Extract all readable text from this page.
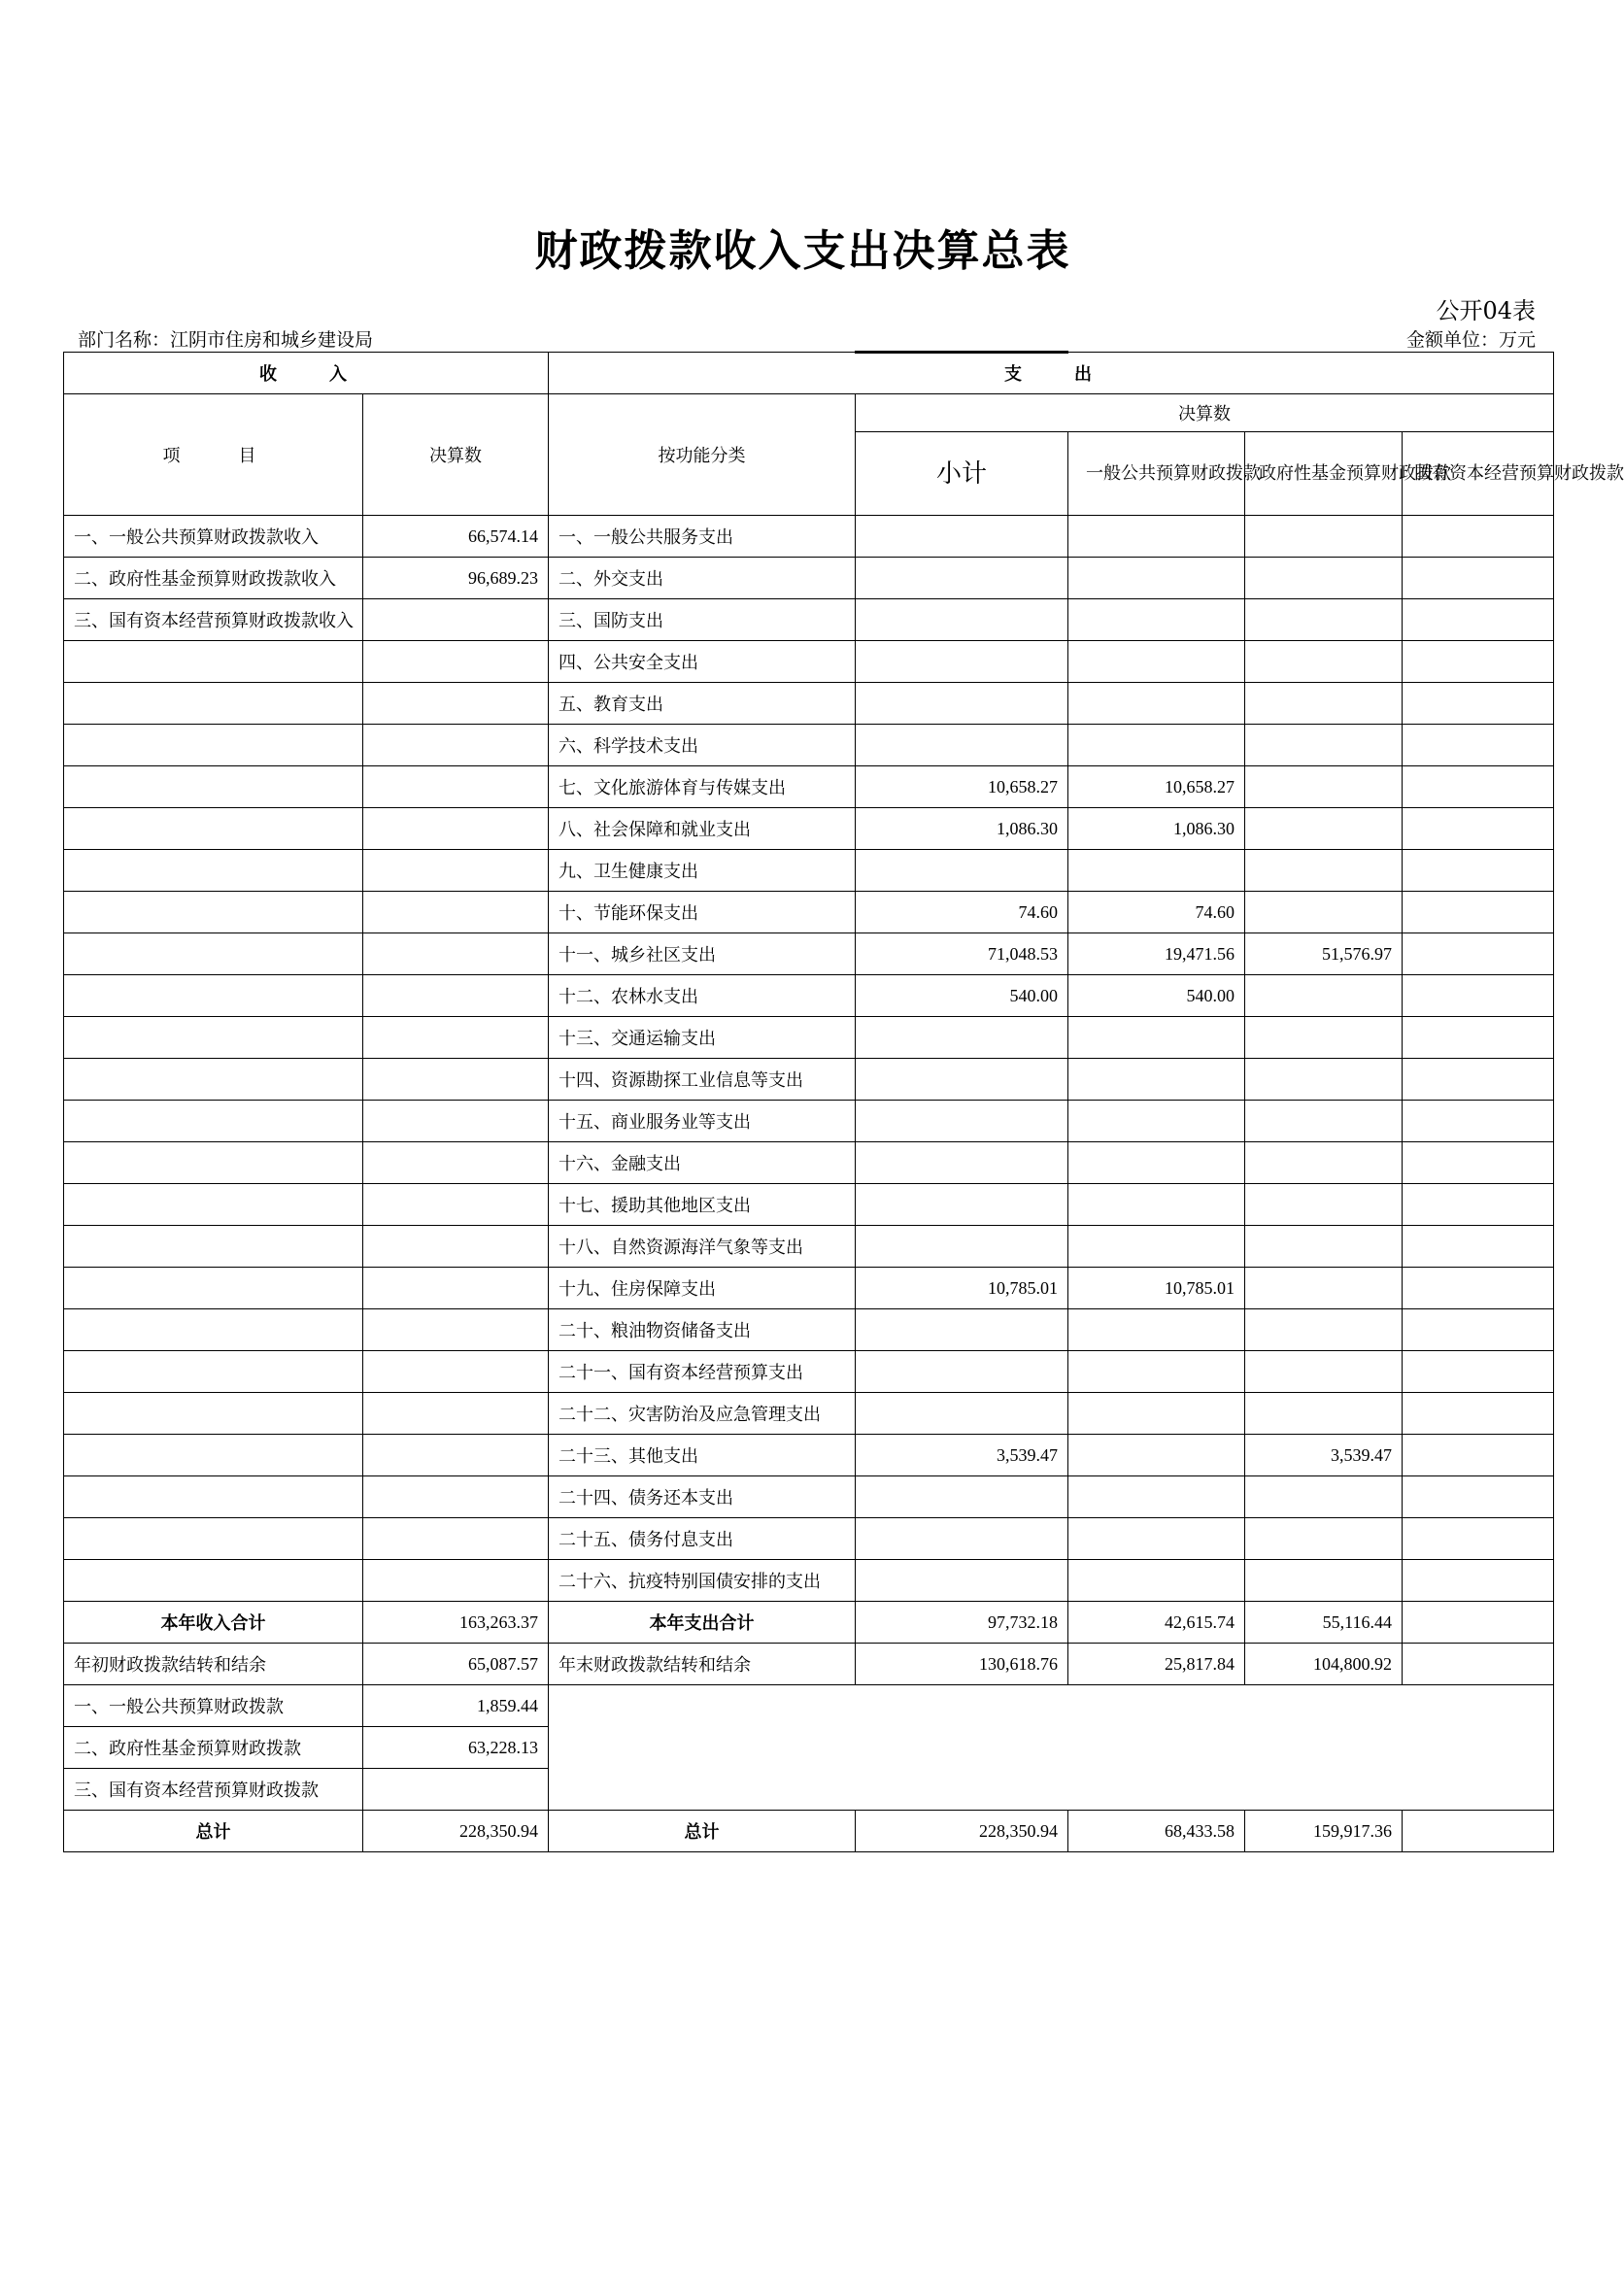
财政拨款收入支出决算总表
公开04表
部门名称：江阴市住房和城乡建设局	金额单位：万元
收　　入		支　　出				
项　　目	决算数	按功能分类	决算数			
			小计	一般公共预算财政拨款	政府性基金预算财政拨款	国有资本经营预算财政拨款
一、一般公共预算财政拨款收入	66,574.14	一、一般公共服务支出				
二、政府性基金预算财政拨款收入	96,689.23	二、外交支出				
三、国有资本经营预算财政拨款收入		三、国防支出				
		四、公共安全支出				
		五、教育支出				
		六、科学技术支出				
		七、文化旅游体育与传媒支出	10,658.27	10,658.27		
		八、社会保障和就业支出	1,086.30	1,086.30		
		九、卫生健康支出				
		十、节能环保支出	74.60	74.60		
		十一、城乡社区支出	71,048.53	19,471.56	51,576.97	
		十二、农林水支出	540.00	540.00		
		十三、交通运输支出				
		十四、资源勘探工业信息等支出				
		十五、商业服务业等支出				
		十六、金融支出				
		十七、援助其他地区支出				
		十八、自然资源海洋气象等支出				
		十九、住房保障支出	10,785.01	10,785.01		
		二十、粮油物资储备支出				
		二十一、国有资本经营预算支出				
		二十二、灾害防治及应急管理支出				
		二十三、其他支出	3,539.47		3,539.47	
		二十四、债务还本支出				
		二十五、债务付息支出				
		二十六、抗疫特别国债安排的支出				
本年收入合计	163,263.37	本年支出合计	97,732.18	42,615.74	55,116.44	
年初财政拨款结转和结余	65,087.57	年末财政拨款结转和结余	130,618.76	25,817.84	104,800.92	
一、一般公共预算财政拨款	1,859.44					
二、政府性基金预算财政拨款	63,228.13					
三、国有资本经营预算财政拨款						
总计	228,350.94	总计	228,350.94	68,433.58	159,917.36	
